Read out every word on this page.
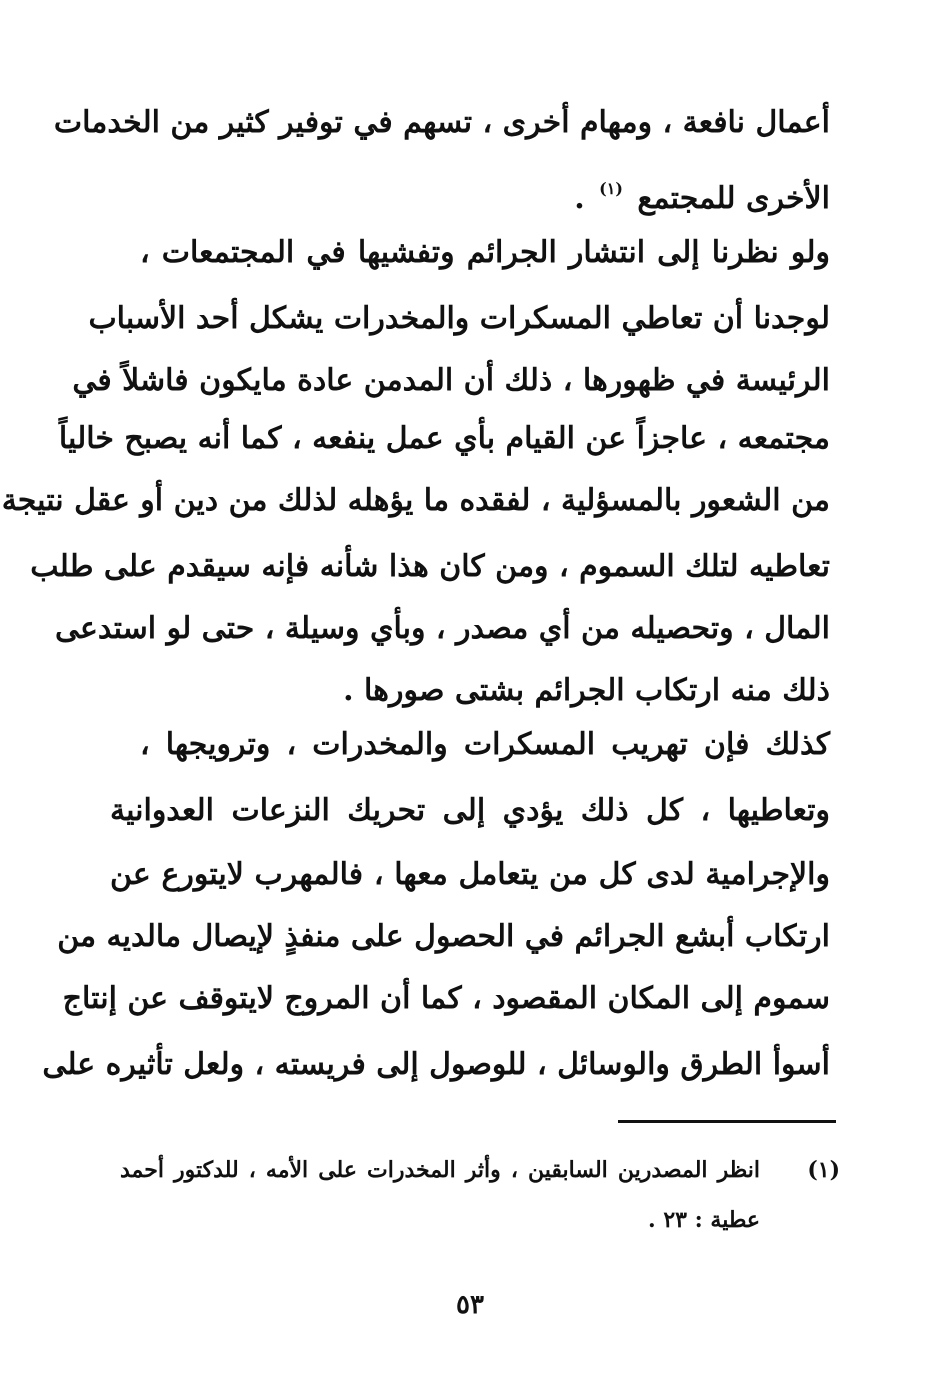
أعمال نافعة ، ومهام أخرى ، تسهم في توفير كثير من الخدمات
الأخرى للمجتمع $^{(١)}$ .
ولو نظرنا إلى انتشار الجرائم وتفشيها في المجتمعات ،
لوجدنا أن تعاطي المسكرات والمخدرات يشكل أحد الأسباب
الرئيسة في ظهورها ، ذلك أن المدمن عادة مايكون فاشلاً في
مجتمعه ، عاجزاً عن القيام بأي عمل ينفعه ، كما أنه يصبح خالياً
من الشعور بالمسؤلية ، لفقده ما يؤهله لذلك من دين أو عقل نتيجة
تعاطيه لتلك السموم ، ومن كان هذا شأنه فإنه سيقدم على طلب
المال ، وتحصيله من أي مصدر ، وبأي وسيلة ، حتى لو استدعى
ذلك منه ارتكاب الجرائم بشتى صورها .
كذلك فإن تهريب المسكرات والمخدرات ، وترويجها ،
وتعاطيها ، كل ذلك يؤدي إلى تحريك النزعات العدوانية
والإجرامية لدى كل من يتعامل معها ، فالمهرب لايتورع عن
ارتكاب أبشع الجرائم في الحصول على منفذٍ لإيصال مالديه من
سموم إلى المكان المقصود ، كما أن المروج لايتوقف عن إنتاج
أسوأ الطرق والوسائل ، للوصول إلى فريسته ، ولعل تأثيره على
(١)
انظر المصدرين السابقين ، وأثر المخدرات على الأمه ، للدكتور أحمد
عطية : ٢٣ .
٥٣
